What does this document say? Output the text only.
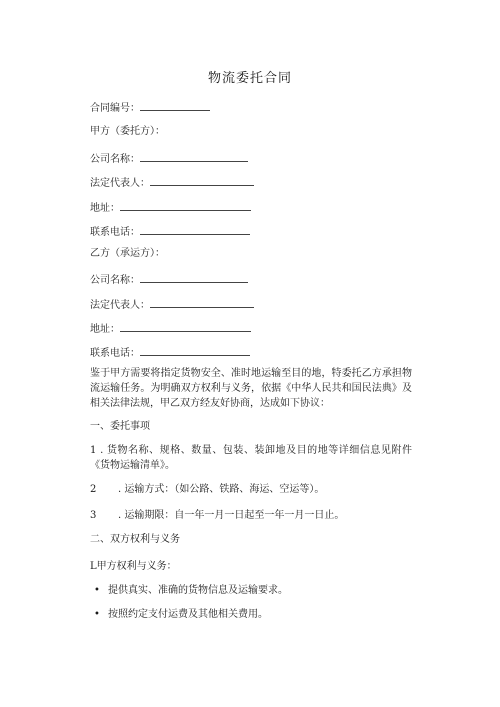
物流委托合同
合同编号：
甲方（委托方）：
公司名称：
法定代表人：
地址：
联系电话：
乙方（承运方）：
公司名称：
法定代表人：
地址：
联系电话：
鉴于甲方需要将指定货物安全、准时地运输至目的地，特委托乙方承担物流运输任务。为明确双方权利与义务，依据《中华人民共和国民法典》及相关法律法规，甲乙双方经友好协商，达成如下协议：
一、委托事项
1 . 货物名称、规格、数量、包装、装卸地及目的地等详细信息见附件《货物运输清单》。
2 . 运输方式：（如公路、铁路、海运、空运等）。
3 . 运输期限：自一年一月一日起至一年一月一日止。
二、双方权利与义务
L甲方权利与义务：
• 提供真实、准确的货物信息及运输要求。
• 按照约定支付运费及其他相关费用。
